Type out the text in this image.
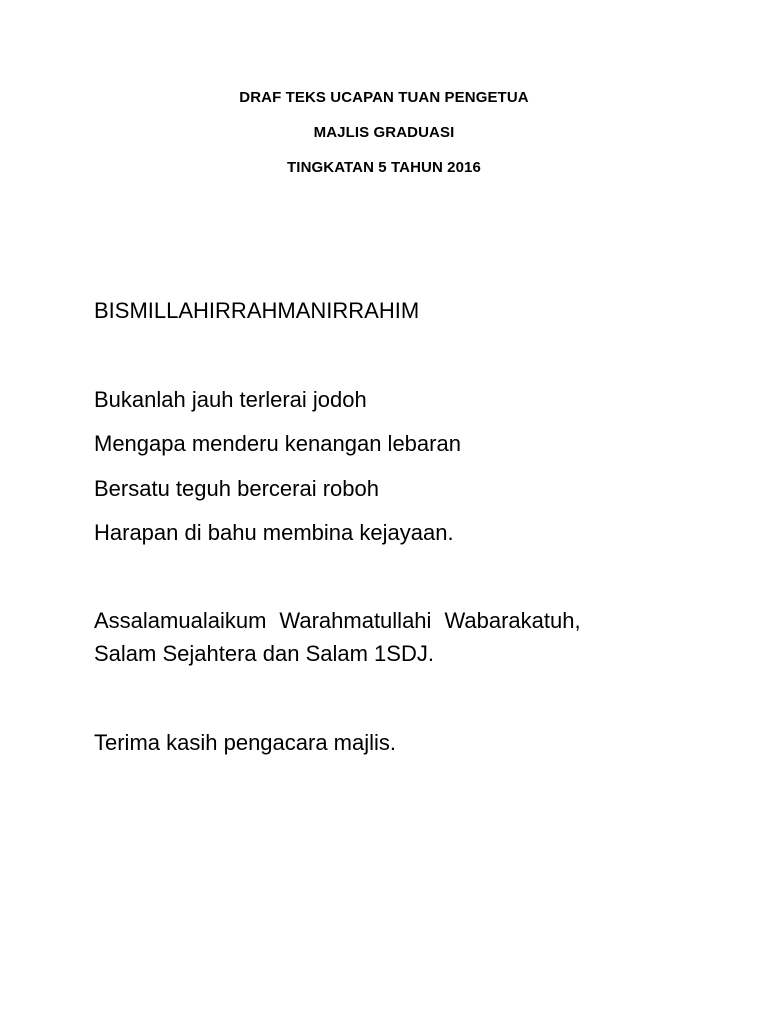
DRAF TEKS UCAPAN TUAN PENGETUA
MAJLIS GRADUASI
TINGKATAN 5 TAHUN 2016
BISMILLAHIRRAHMANIRRAHIM
Bukanlah jauh terlerai jodoh
Mengapa menderu kenangan lebaran
Bersatu teguh bercerai roboh
Harapan di bahu membina kejayaan.
Assalamualaikum Warahmatullahi Wabarakatuh,
Salam Sejahtera dan Salam 1SDJ.
Terima kasih pengacara majlis.
